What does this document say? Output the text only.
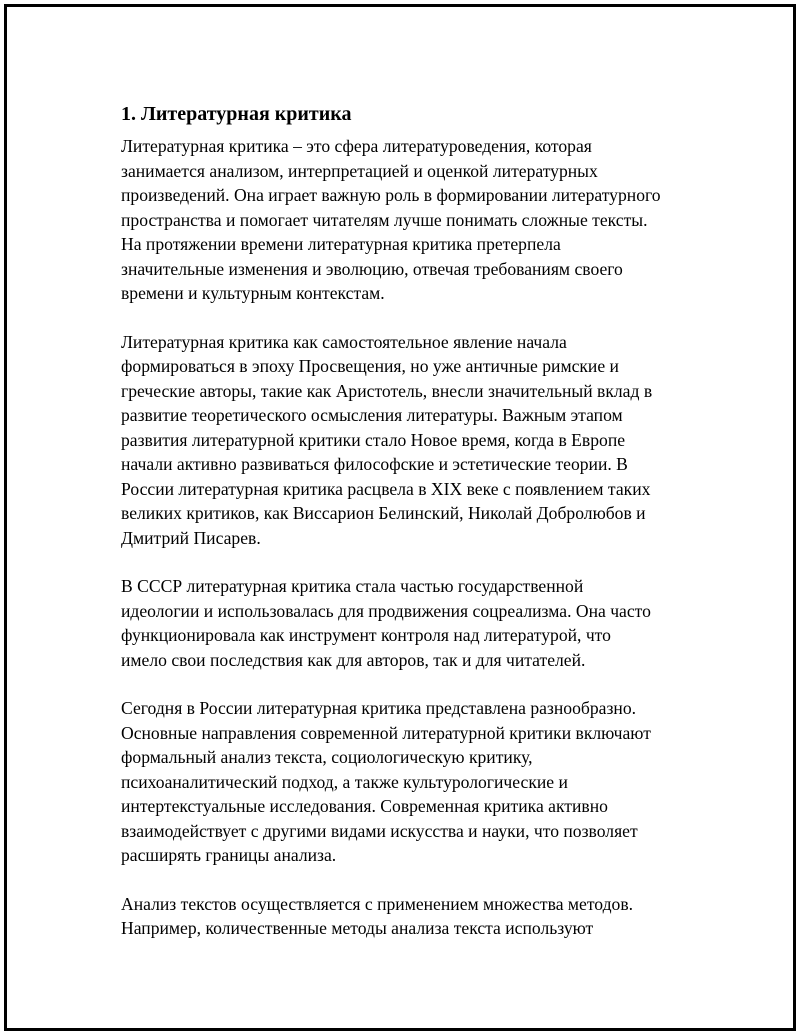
1. Литературная критика

Литературная критика – это сфера литературоведения, которая
занимается анализом, интерпретацией и оценкой литературных
произведений. Она играет важную роль в формировании литературного
пространства и помогает читателям лучше понимать сложные тексты.
На протяжении времени литературная критика претерпела
значительные изменения и эволюцию, отвечая требованиям своего
времени и культурным контекстам.

Литературная критика как самостоятельное явление начала
формироваться в эпоху Просвещения, но уже античные римские и
греческие авторы, такие как Аристотель, внесли значительный вклад в
развитие теоретического осмысления литературы. Важным этапом
развития литературной критики стало Новое время, когда в Европе
начали активно развиваться философские и эстетические теории. В
России литературная критика расцвела в XIX веке с появлением таких
великих критиков, как Виссарион Белинский, Николай Добролюбов и
Дмитрий Писарев.

В СССР литературная критика стала частью государственной
идеологии и использовалась для продвижения соцреализма. Она часто
функционировала как инструмент контроля над литературой, что
имело свои последствия как для авторов, так и для читателей.

Сегодня в России литературная критика представлена разнообразно.
Основные направления современной литературной критики включают
формальный анализ текста, социологическую критику,
психоаналитический подход, а также культурологические и
интертекстуальные исследования. Современная критика активно
взаимодействует с другими видами искусства и науки, что позволяет
расширять границы анализа.

Анализ текстов осуществляется с применением множества методов.
Например, количественные методы анализа текста используют
